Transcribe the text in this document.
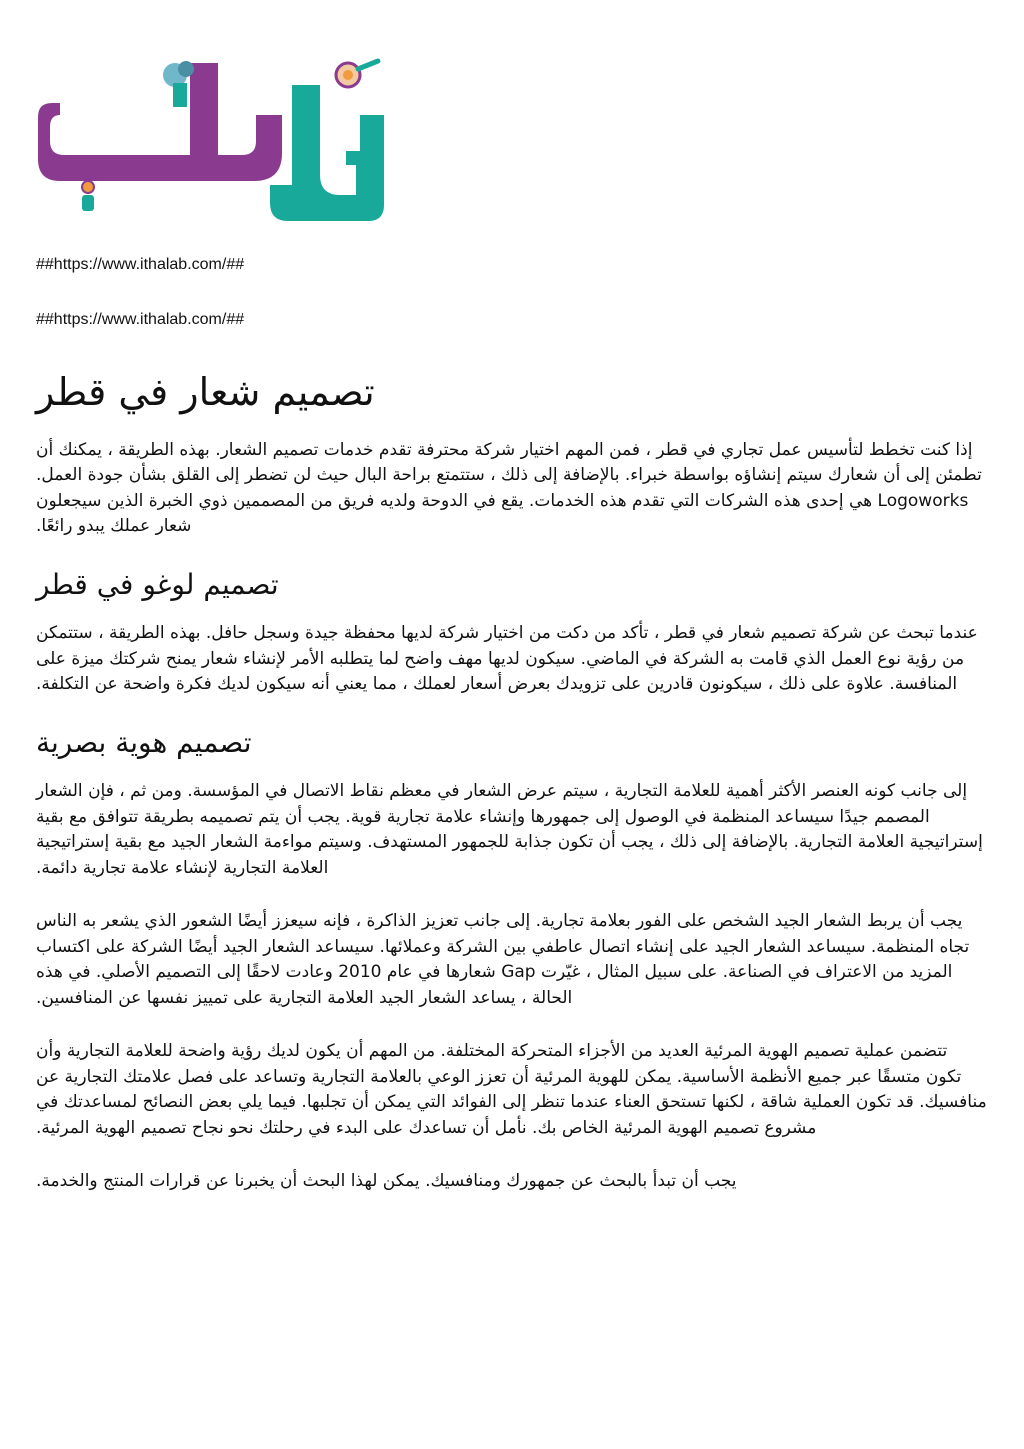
##https://www.ithalab.com/##
##https://www.ithalab.com/##
تصميم شعار في قطر

إذا كنت تخطط لتأسيس عمل تجاري في قطر ، فمن المهم اختيار شركة محترفة تقدم خدمات تصميم الشعار. بهذه الطريقة ، يمكنك أن تطمئن إلى أن شعارك سيتم إنشاؤه بواسطة خبراء. بالإضافة إلى ذلك ، ستتمتع براحة البال حيث لن تضطر إلى القلق بشأن جودة العمل. Logoworks هي إحدى هذه الشركات التي تقدم هذه الخدمات. يقع في الدوحة ولديه فريق من المصممين ذوي الخبرة الذين سيجعلون شعار عملك يبدو رائعًا.

تصميم لوغو في قطر

عندما تبحث عن شركة تصميم شعار في قطر ، تأكد من دكت من اختيار شركة لديها محفظة جيدة وسجل حافل. بهذه الطريقة ، ستتمكن من رؤية نوع العمل الذي قامت به الشركة في الماضي. سيكون لديها مهف واضح لما يتطلبه الأمر لإنشاء شعار يمنح شركتك ميزة على المنافسة. علاوة على ذلك ، سيكونون قادرين على تزويدك بعرض أسعار لعملك ، مما يعني أنه سيكون لديك فكرة واضحة عن التكلفة.

تصميم هوية بصرية

إلى جانب كونه العنصر الأكثر أهمية للعلامة التجارية ، سيتم عرض الشعار في معظم نقاط الاتصال في المؤسسة. ومن ثم ، فإن الشعار المصمم جيدًا سيساعد المنظمة في الوصول إلى جمهورها وإنشاء علامة تجارية قوية. يجب أن يتم تصميمه بطريقة تتوافق مع بقية إستراتيجية العلامة التجارية. بالإضافة إلى ذلك ، يجب أن تكون جذابة للجمهور المستهدف. وسيتم مواءمة الشعار الجيد مع بقية إستراتيجية العلامة التجارية لإنشاء علامة تجارية دائمة.

يجب أن يربط الشعار الجيد الشخص على الفور بعلامة تجارية. إلى جانب تعزيز الذاكرة ، فإنه سيعزز أيضًا الشعور الذي يشعر به الناس تجاه المنظمة. سيساعد الشعار الجيد على إنشاء اتصال عاطفي بين الشركة وعملائها. سيساعد الشعار الجيد أيضًا الشركة على اكتساب المزيد من الاعتراف في الصناعة. على سبيل المثال ، غيّرت Gap شعارها في عام 2010 وعادت لاحقًا إلى التصميم الأصلي. في هذه الحالة ، يساعد الشعار الجيد العلامة التجارية على تمييز نفسها عن المنافسين.

تتضمن عملية تصميم الهوية المرئية العديد من الأجزاء المتحركة المختلفة. من المهم أن يكون لديك رؤية واضحة للعلامة التجارية وأن تكون متسقًا عبر جميع الأنظمة الأساسية. يمكن للهوية المرئية أن تعزز الوعي بالعلامة التجارية وتساعد على فصل علامتك التجارية عن منافسيك. قد تكون العملية شاقة ، لكنها تستحق العناء عندما تنظر إلى الفوائد التي يمكن أن تجلبها. فيما يلي بعض النصائح لمساعدتك في مشروع تصميم الهوية المرئية الخاص بك. نأمل أن تساعدك على البدء في رحلتك نحو نجاح تصميم الهوية المرئية.

يجب أن تبدأ بالبحث عن جمهورك ومنافسيك. يمكن لهذا البحث أن يخبرنا عن قرارات المنتج والخدمة.
